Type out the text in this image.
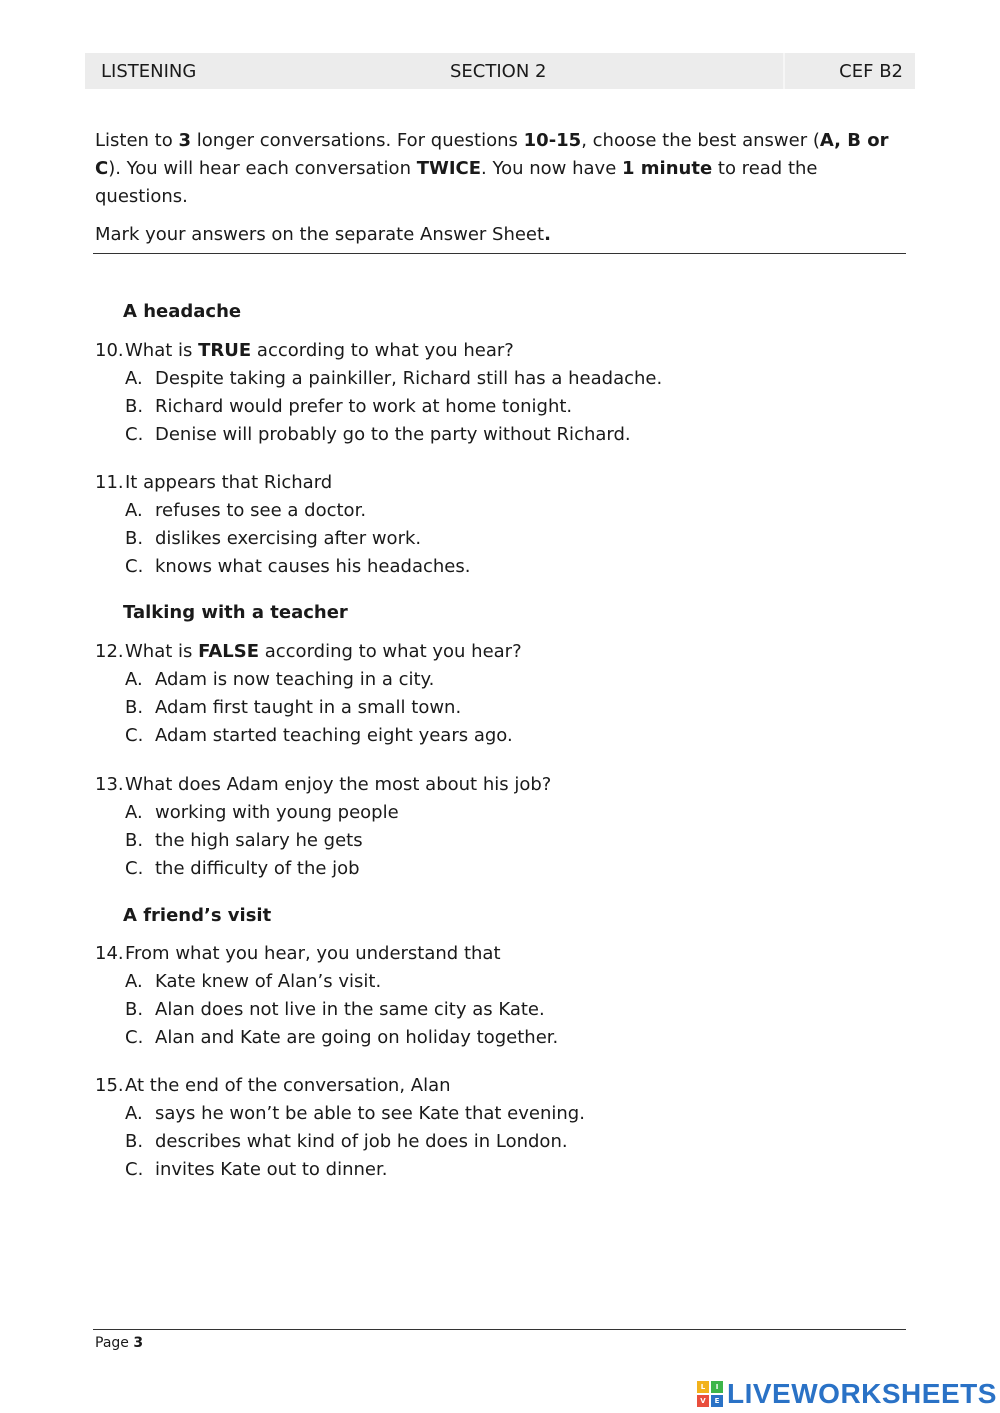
LISTENING	SECTION 2	CEF B2

Listen to 3 longer conversations. For questions 10-15, choose the best answer (A, B or C). You will hear each conversation TWICE. You now have 1 minute to read the questions.

Mark your answers on the separate Answer Sheet.

A headache
10.What is TRUE according to what you hear?
A. Despite taking a painkiller, Richard still has a headache.
B. Richard would prefer to work at home tonight.
C. Denise will probably go to the party without Richard.
11.It appears that Richard
A. refuses to see a doctor.
B. dislikes exercising after work.
C. knows what causes his headaches.
Talking with a teacher
12.What is FALSE according to what you hear?
A. Adam is now teaching in a city.
B. Adam first taught in a small town.
C. Adam started teaching eight years ago.
13.What does Adam enjoy the most about his job?
A. working with young people
B. the high salary he gets
C. the difficulty of the job
A friend’s visit
14.From what you hear, you understand that
A. Kate knew of Alan’s visit.
B. Alan does not live in the same city as Kate.
C. Alan and Kate are going on holiday together.
15.At the end of the conversation, Alan
A. says he won’t be able to see Kate that evening.
B. describes what kind of job he does in London.
C. invites Kate out to dinner.
Page 3
L	I
V	E LIVEWORKSHEETS
